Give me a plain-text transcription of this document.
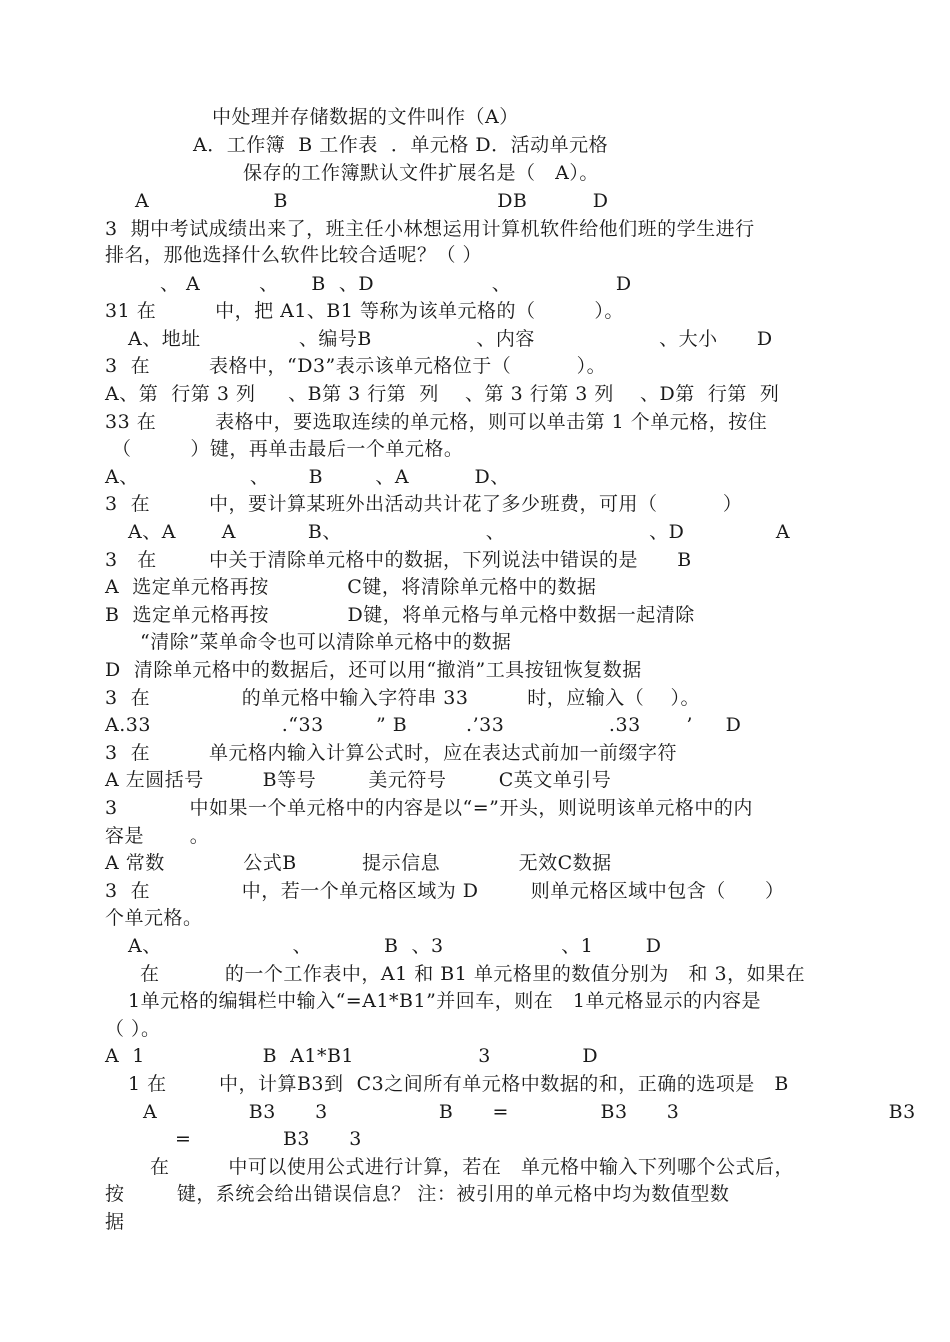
中处理并存储数据的文件叫作（A）
A．工作簿  B 工作表  ．单元格 D．活动单元格
保存的工作簿默认文件扩展名是（   A）。
A                   B                                DB          D
3  期中考试成绩出来了，班主任小林想运用计算机软件给他们班的学生进行
排名，那他选择什么软件比较合适呢？（ ）
、 A         、     B  、D                  、                D
31 在         中，把 A1、B1 等称为该单元格的（         ）。
A、地址               、编号B                、内容                   、大小      D
3  在         表格中，“D3”表示该单元格位于（          ）。
A、第  行第 3 列     、B第 3 行第  列    、第 3 行第 3 列    、D第  行第  列
33 在         表格中，要选取连续的单元格，则可以单击第 1 个单元格，按住
（         ）键，再单击最后一个单元格。
A、                 、      B        、A          D、
3  在         中，要计算某班外出活动共计花了多少班费，可用（          ）
A、A       A           B、                      、                      、D              A
3   在        中关于清除单元格中的数据，下列说法中错误的是      B
A  选定单元格再按            C键，将清除单元格中的数据
B  选定单元格再按            D键，将单元格与单元格中数据一起清除
“清除”菜单命令也可以清除单元格中的数据
D  清除单元格中的数据后，还可以用“撤消”工具按钮恢复数据
3  在              的单元格中输入字符串 33         时，应输入（    ）。
A.33                    .“33        ” B         .’33                .33       ’     D
3  在         单元格内输入计算公式时，应在表达式前加一前缀字符
A 左圆括号         B等号        美元符号        C英文单引号
3           中如果一个单元格中的内容是以“=”开头，则说明该单元格中的内
容是       。
A 常数            公式B          提示信息            无效C数据
3  在              中，若一个单元格区域为 D        则单元格区域中包含（      ）
个单元格。
A、                    、           B  、3                  、1        D
在          的一个工作表中，A1 和 B1 单元格里的数值分别为   和 3，如果在
1单元格的编辑栏中输入“=A1*B1”并回车，则在   1单元格显示的内容是
（ ）。
A  1                  B  A1*B1                   3              D
1 在        中，计算B3到  C3之间所有单元格中数据的和，正确的选项是   B
A              B3      3                 B      =              B3      3                                B3
=              B3      3
在         中可以使用公式进行计算，若在   单元格中输入下列哪个公式后，
按        键，系统会给出错误信息？ 注：被引用的单元格中均为数值型数
据
